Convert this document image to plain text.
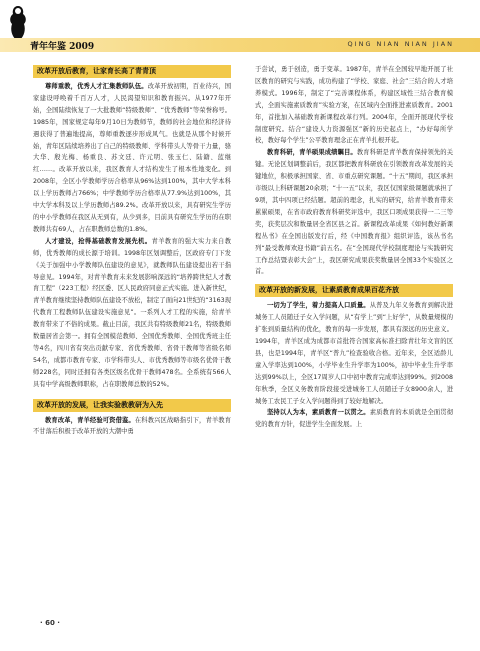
青年年鉴 2009	QING NIAN NIAN JIAN
改革开放后教育，让家育长高了青青顶

尊师重教，优秀人才汇集教师队伍。改革开放初期，百业待兴，国家建设呼唤着千百万人才，人民渴望知识和教育振兴。从1977年开始，全国陆续恢复了一大批教师“特级教师”、“优秀教师”等荣誉称号。1985年，国家规定每年9月10日为教师节，教师的社会地位和经济待遇获得了普遍地提高，尊师重教逐步形成风气。也就是从那个时候开始，青年区陆续培养出了自己的特级教师、学科带头人等骨干力量，骆大华、殷光梅、杨重良、苏文廷、许元明、张玉仁、陆籍、蓝继红……。改革开放以来，我区教育人才结构发生了根本性地变化。到2008年，全区小学教师学历合格率从96%达到100%，其中大学本科以上学历教师占766%；中学教师学历合格率从77.9%达到100%，其中大学本科及以上学历教师占89.2%。改革开放以来，具有研究生学历的中小学教师在我区从无到有，从少到多，目前具有研究生学历的在职教师共有69人，占在职教师总数的1.8%。

人才建设，抢得基础教育发展先机。青羊教育的强大实力来自教师，优秀教师的成长源于培训。1998年区划调整后，区政府专门下发《关于加强中小学教师队伍建设的意见》，就教师队伍建设提出若干指导意见。1994年，对青羊教育未来发展影响深远的“培养跨世纪人才教育工程”（223工程）经区委、区人民政府同意正式实施。进入新世纪，青羊教育继续坚持教师队伍建设不放松，制定了面向21世纪的“3163现代教育工程教师队伍建设实施意见”。一系列人才工程的实施，给青羊教育带来了不俗的成果。截止目前，我区共有特级教师21名，特级教师数量居省会第一。拥有全国模范教师、全国优秀教师、全国优秀班主任等4名，四川省有突出贡献专家、省优秀教师、省骨干教师等省级名师54名，成都市教育专家、市学科带头人、市优秀教师等市级名优骨干教师228名，同时还拥有各类区级名优骨干教师478名。全系统有566人具有中学高级教师职称，占在职教师总数的52%。

改革开放的发展，让我实验教教研为入先

教育改革，青羊经验可资借鉴。在科教兴区战略指引下，青羊教育不甘落后积极于改革开放的大潮中勇

于尝试，勇于创造，勇于变革。1987年，青羊在全国较早地开展了社区教育的研究与实践，成功构建了“学校、家庭、社会”三结合的人才培养模式。1996年，制定了“完善课程体系，构建区域性三结合教育模式，全面实施素质教育”实验方案，在区域内全面推进素质教育。2001年，首批加入基础教育新课程改革行列。2004年，全面开展现代学校制度研究。结合“建设人力资源强区”新的历史起点上，“办好每所学校，教好每个学生”公平教育理念正在青羊扎根开花。

教育科研，青羊硕果成绩瞩目。教育科研是青羊教育保持领先的关键。无论区划调整前后，我区都把教育科研放在引领教育改革发展的关键地位，积极承担国家、省、市重点研究课题。“十五”期间，我区承担市级以上科研课题20余项；“十一五”以来，我区仅国家级课题就承担了9项，其中四项已经结题。超前的理念，扎实的研究，给青羊教育带来累累硕果，在省市政府教育科研奖评选中，我区口项成果获得一二三等奖，获奖层次和数量居全省区县之首。新课程改革成果《如何教好新课程丛书》在全国出版发行后，经《中国教育报》组织评选，该丛书名列“最受教师欢迎书籍”前五名。在“全国现代学校制度理论与实践研究工作总结暨表彰大会”上，我区研究成果获奖数量居全国33个实验区之首。

改革开放的新发展，让素质教育成果百花齐放

一切为了学生，着力提高人口质量。从普及九年义务教育到解决进城务工人员随迁子女入学问题，从“有学上”到“上好学”，从数量规模的扩张到质量结构的优化，教育的每一步发展，都具有深远的历史意义。1994年，青羊区成为成都市首批符合国家高标准扫除青壮年文盲的区县，也是1994年，青羊区“普九”检查验收合格。近年来，全区适龄儿童入学率达到100%，小学毕业生升学率为100%，初中毕业生升学率达到99%以上，全区17周岁人口中初中教育完成率达到99%。到2008年秋季，全区义务教育阶段接受进城务工人员随迁子女8900余人，进城务工农民工子女入学问题得到了较好地解决。

坚持以人为本，素质教育一以贯之。素质教育的本质就是全面贯彻党的教育方针，促进学生全面发展。上

· 60 ·
